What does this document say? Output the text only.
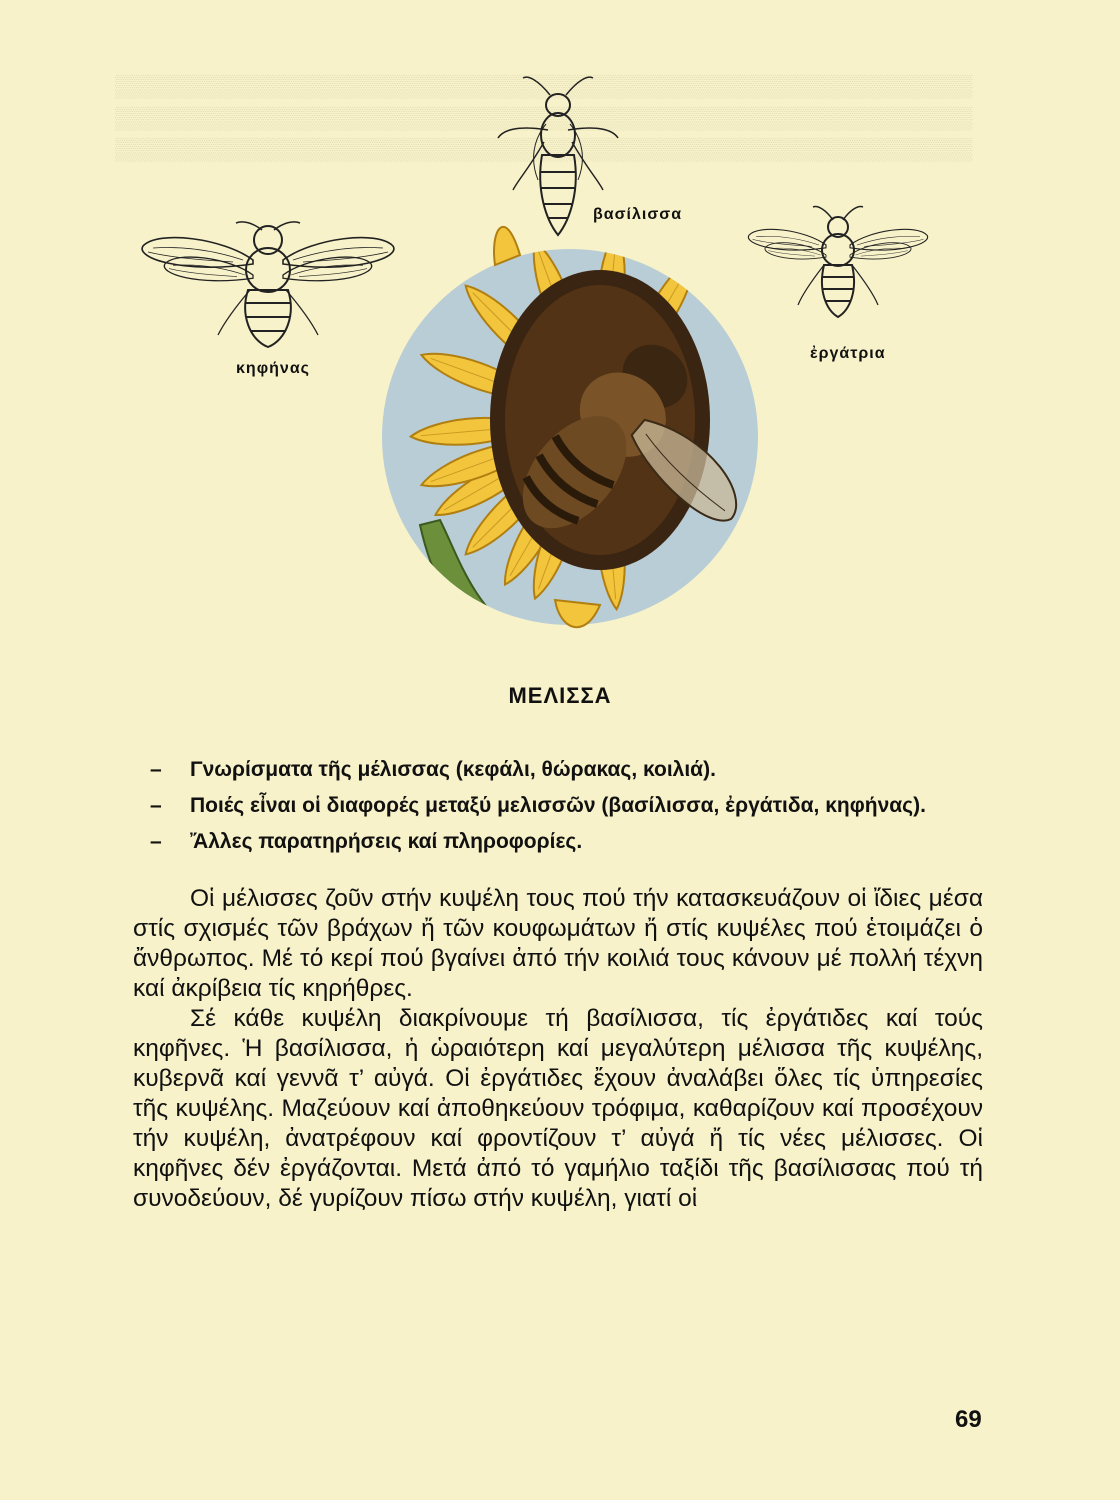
▒▒▒▒▒▒▒▒▒▒▒▒▒▒▒▒▒▒▒▒▒▒▒▒▒▒▒▒▒▒▒▒▒▒▒▒▒▒▒▒▒▒▒▒▒▒▒▒▒▒▒▒▒▒▒
▒▒▒▒▒▒▒▒▒▒▒▒▒▒▒▒▒▒▒▒▒▒▒▒▒▒▒▒▒▒▒▒▒▒▒▒▒▒▒▒▒▒▒▒▒▒▒▒▒▒▒▒▒▒▒
▒▒▒▒▒▒▒▒▒▒▒▒▒▒▒▒▒▒▒▒▒▒▒▒▒▒▒▒▒▒▒▒▒▒▒▒▒▒▒▒▒▒▒▒▒▒▒▒▒▒▒▒▒▒▒
βασίλισσα
κηφήνας
ἐργάτρια
ΜΕΛΙΣΣΑ
– Γνωρίσματα τῆς μέλισσας (κεφάλι, θώρακας, κοιλιά).
– Ποιές εἶναι οἱ διαφορές μεταξύ μελισσῶν (βασίλισσα, ἐργάτιδα, κηφήνας).
– Ἄλλες παρατηρήσεις καί πληροφορίες.

Οἱ μέλισσες ζοῦν στήν κυψέλη τους πού τήν κατασκευάζουν οἱ ἴδιες μέσα στίς σχισμές τῶν βράχων ἤ τῶν κουφωμάτων ἤ στίς κυψέλες πού ἑτοιμάζει ὁ ἄνθρωπος. Μέ τό κερί πού βγαίνει ἀπό τήν κοιλιά τους κάνουν μέ πολλή τέχνη καί ἀκρίβεια τίς κηρήθρες.

Σέ κάθε κυψέλη διακρίνουμε τή βασίλισσα, τίς ἐργάτιδες καί τούς κηφῆνες. Ἡ βασίλισσα, ἡ ὡραιότερη καί μεγαλύτερη μέλισσα τῆς κυψέλης, κυβερνᾶ καί γεννᾶ τ’ αὐγά. Οἱ ἐργάτιδες ἔχουν ἀναλάβει ὅλες τίς ὑπηρεσίες τῆς κυψέλης. Μαζεύουν καί ἀποθηκεύουν τρόφιμα, καθαρίζουν καί προσέχουν τήν κυψέλη, ἀνατρέφουν καί φροντίζουν τ’ αὐγά ἤ τίς νέες μέλισσες. Οἱ κηφῆνες δέν ἐργάζονται. Μετά ἀπό τό γαμήλιο ταξίδι τῆς βασίλισσας πού τή συνοδεύουν, δέ γυρίζουν πίσω στήν κυψέλη, γιατί οἱ

69
